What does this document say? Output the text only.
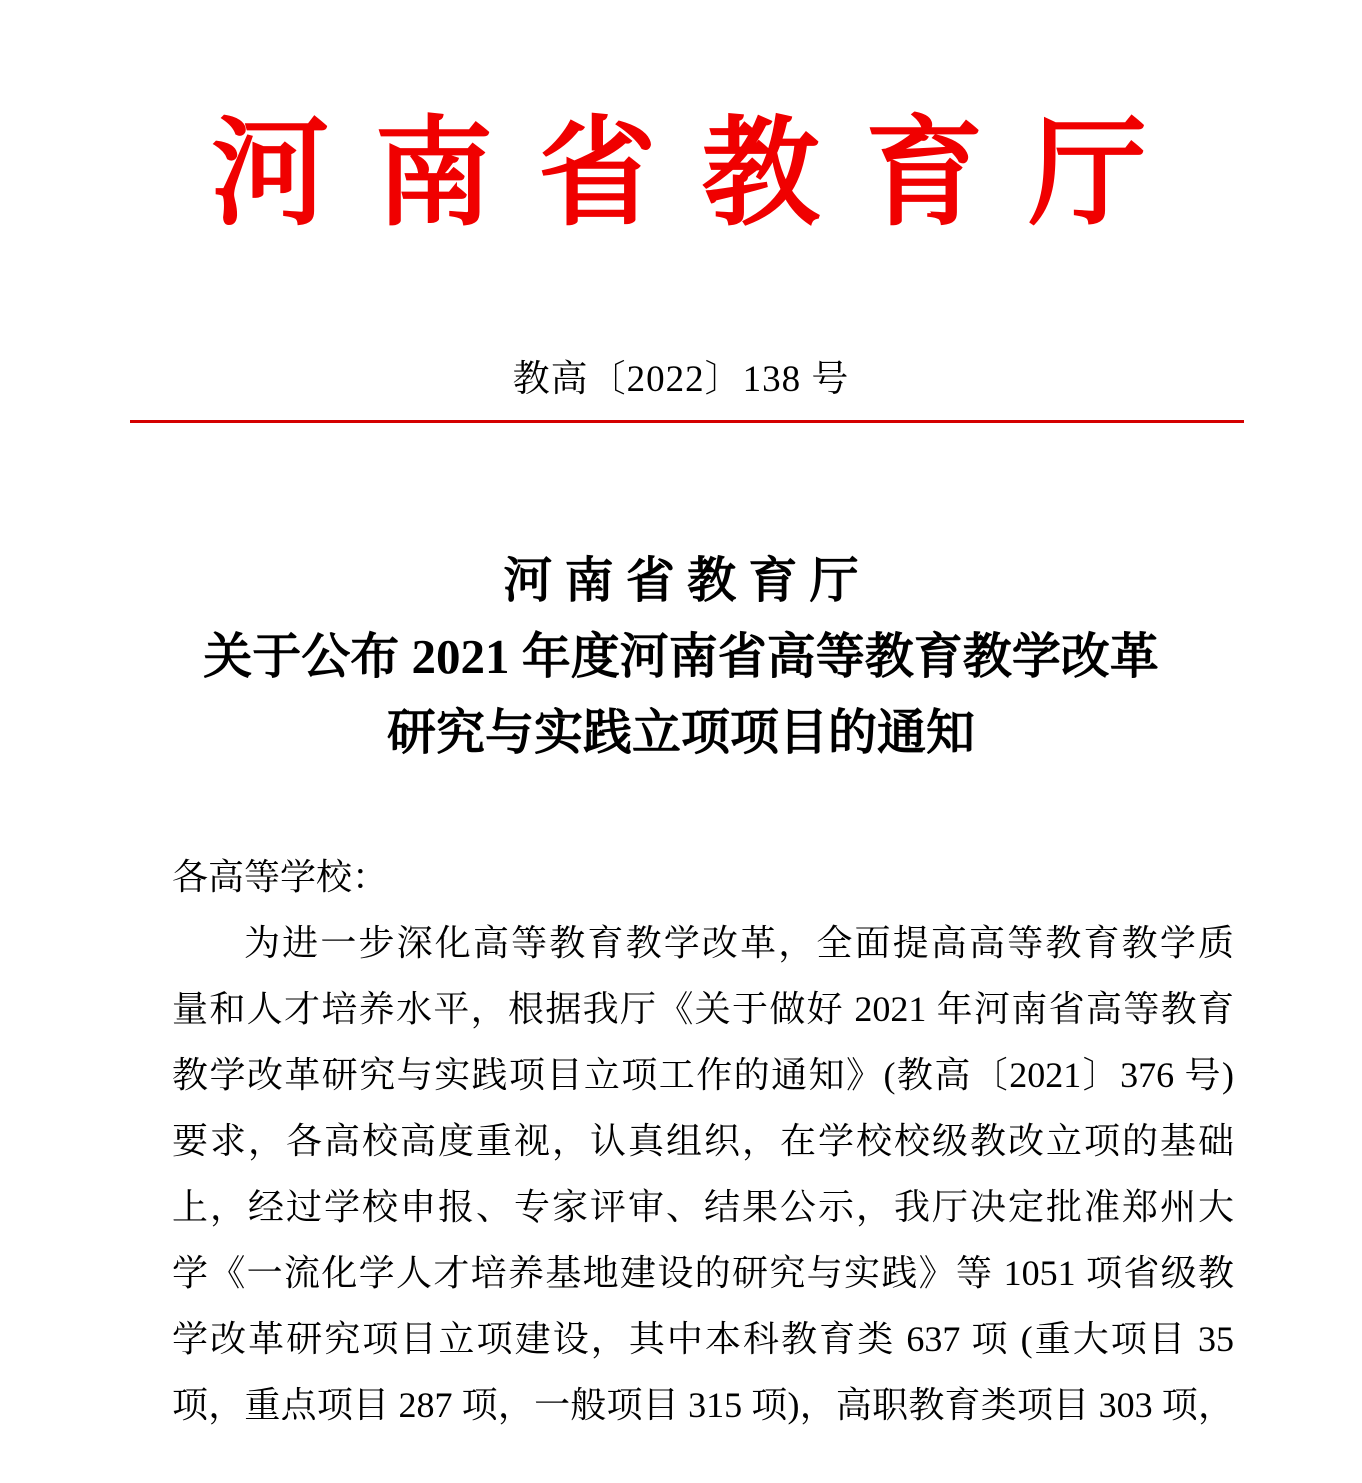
河 南 省 教 育 厅
教高〔2022〕138 号
河 南 省 教 育 厅
关于公布 2021 年度河南省高等教育教学改革
研究与实践立项项目的通知
各高等学校：
为进一步深化高等教育教学改革，全面提高高等教育教学质
量和人才培养水平，根据我厅《关于做好 2021 年河南省高等教育
教学改革研究与实践项目立项工作的通知》(教高〔2021〕376 号)
要求，各高校高度重视，认真组织，在学校校级教改立项的基础
上，经过学校申报、专家评审、结果公示，我厅决定批准郑州大
学《一流化学人才培养基地建设的研究与实践》等 1051 项省级教
学改革研究项目立项建设，其中本科教育类 637 项 (重大项目 35
项，重点项目 287 项，一般项目 315 项)，高职教育类项目 303 项，
